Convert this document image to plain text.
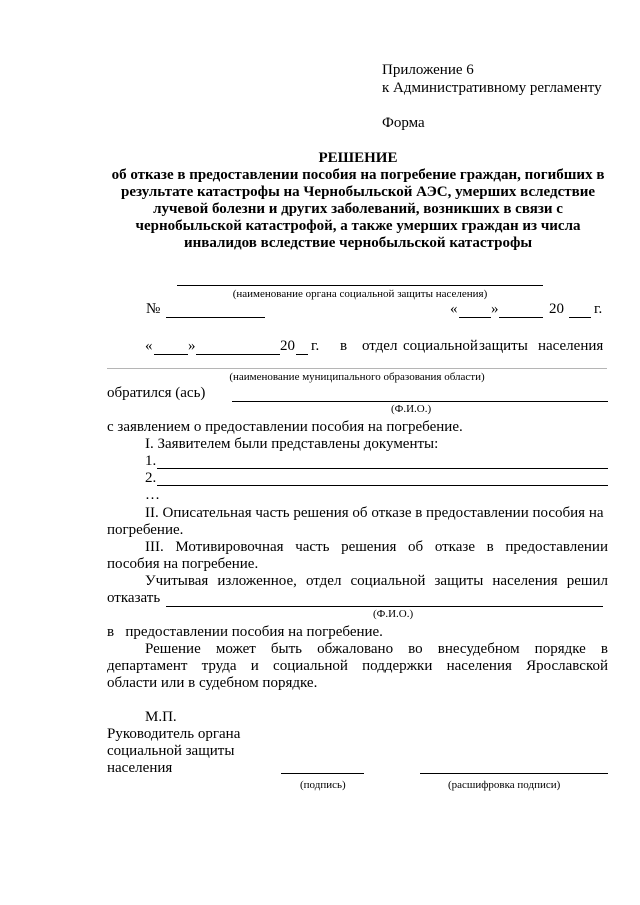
Приложение 6
к Административному регламенту
Форма
РЕШЕНИЕ
об отказе в предоставлении пособия на погребение граждан, погибших в
результате катастрофы на Чернобыльской АЭС, умерших вследствие
лучевой болезни и других заболеваний, возникших в связи с
чернобыльской катастрофой, а также умерших граждан из числа
инвалидов вследствие чернобыльской катастрофы
(наименование органа социальной защиты населения)
№	« »	20 г.
« »	20 г. в отдел социальной защиты населения
(наименование муниципального образования области)
обратился (ась)
(Ф.И.О.)
с заявлением о предоставлении пособия на погребение.
I. Заявителем были представлены документы:
1.
2.
…
II. Описательная часть решения об отказе в предоставлении пособия на
погребение.
III. Мотивировочная часть решения об отказе в предоставлении
пособия на погребение.
Учитывая изложенное, отдел социальной защиты населения решил
отказать
(Ф.И.О.)
в   предоставлении пособия на погребение.
Решение может быть обжаловано во внесудебном порядке в
департамент труда и социальной поддержки населения Ярославской
области или в судебном порядке.
М.П.
Руководитель органа
социальной защиты
населения
(подпись)	(расшифровка подписи)
